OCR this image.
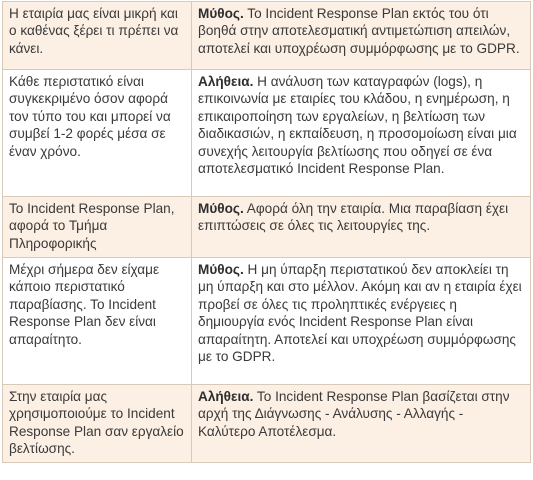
Η εταιρία μας είναι μικρή και ο καθένας ξέρει τι πρέπει να κάνει.	Μύθος. Το Incident Response Plan εκτός του ότι βοηθά στην αποτελεσματική αντιμετώπιση απειλών, αποτελεί και υποχρέωση συμμόρφωσης με το GDPR.
Κάθε περιστατικό είναι συγκεκριμένο όσον αφορά τον τύπο του και μπορεί να συμβεί 1-2 φορές μέσα σε έναν χρόνο.	Αλήθεια. Η ανάλυση των καταγραφών (logs), η επικοινωνία με εταιρίες του κλάδου, η ενημέρωση, η επικαιροποίηση των εργαλείων, η βελτίωση των διαδικασιών, η εκπαίδευση, η προσομοίωση είναι μια συνεχής λειτουργία βελτίωσης που οδηγεί σε ένα αποτελεσματικό Incident Response Plan.
Το Incident Response Plan, αφορά το Τμήμα Πληροφορικής	Μύθος. Αφορά όλη την εταιρία. Μια παραβίαση έχει επιπτώσεις σε όλες τις λειτουργίες της.
Μέχρι σήμερα δεν είχαμε κάποιο περιστατικό παραβίασης. Το Incident Response Plan δεν είναι απαραίτητο.	Μύθος. Η μη ύπαρξη περιστατικού δεν αποκλείει τη μη ύπαρξη και στο μέλλον. Ακόμη και αν η εταιρία έχει προβεί σε όλες τις προληπτικές ενέργειες η δημιουργία ενός Incident Response Plan είναι απαραίτητη. Αποτελεί και υποχρέωση συμμόρφωσης με το GDPR.
Στην εταιρία μας χρησιμοποιούμε το Incident Response Plan σαν εργαλείο βελτίωσης.	Αλήθεια. Το Incident Response Plan βασίζεται στην αρχή της Διάγνωσης - Ανάλυσης - Αλλαγής - Καλύτερο Αποτέλεσμα.
